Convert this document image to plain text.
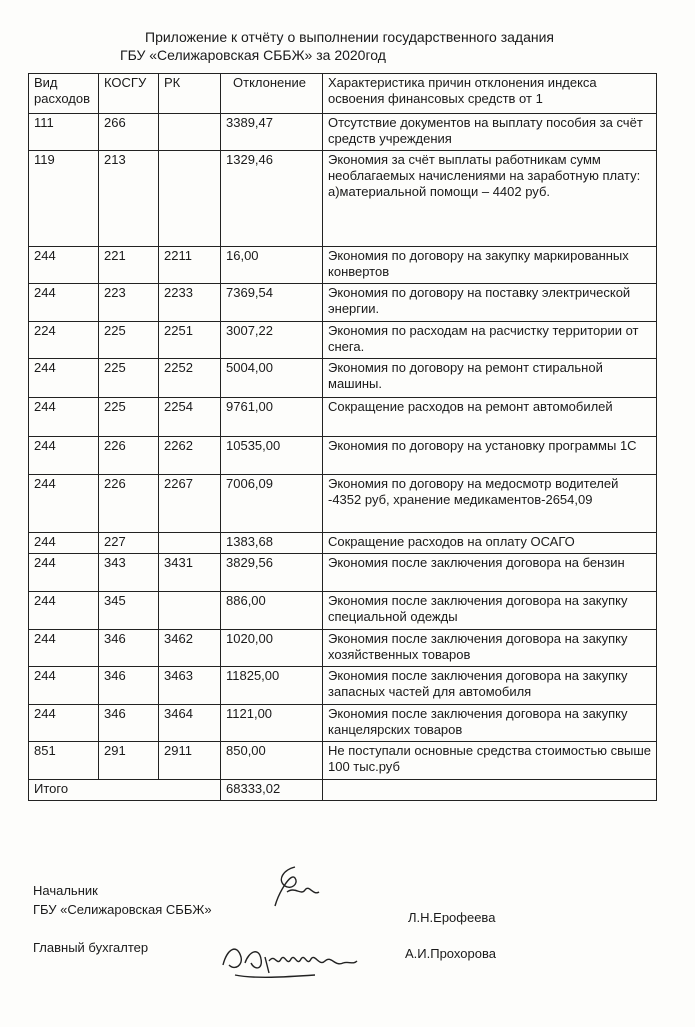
Приложение к отчёту о выполнении государственного задания
ГБУ «Селижаровская СББЖ» за 2020год
Вид расходов	КОСГУ	РК	Отклонение	Характеристика причин отклонения индекса освоения финансовых средств от 1
111	266		3389,47	Отсутствие документов на выплату пособия за счёт средств учреждения
119	213		1329,46	Экономия за счёт выплаты работникам сумм необлагаемых начислениями на заработную плату:
а)материальной помощи – 4402 руб.
244	221	2211	16,00	Экономия по договору на закупку маркированных конвертов
244	223	2233	7369,54	Экономия по договору на поставку электрической энергии.
224	225	2251	3007,22	Экономия по расходам на расчистку территории от снега.
244	225	2252	5004,00	Экономия по договору на ремонт стиральной машины.
244	225	2254	9761,00	Сокращение расходов на ремонт автомобилей
244	226	2262	10535,00	Экономия по договору на установку программы 1С
244	226	2267	7006,09	Экономия по договору на медосмотр водителей -4352 руб, хранение медикаментов-2654,09
244	227		1383,68	Сокращение расходов на оплату ОСАГО
244	343	3431	3829,56	Экономия после заключения договора на бензин
244	345		886,00	Экономия после заключения договора на закупку специальной одежды
244	346	3462	1020,00	Экономия после заключения договора на закупку хозяйственных товаров
244	346	3463	11825,00	Экономия после заключения договора на закупку запасных частей для автомобиля
244	346	3464	1121,00	Экономия после заключения договора на закупку канцелярских товаров
851	291	2911	850,00	Не поступали основные средства стоимостью свыше 100 тыс.руб
Итого			68333,02	
Начальник
ГБУ «Селижаровская СББЖ»
Л.Н.Ерофеева
Главный бухгалтер	А.И.Прохорова
